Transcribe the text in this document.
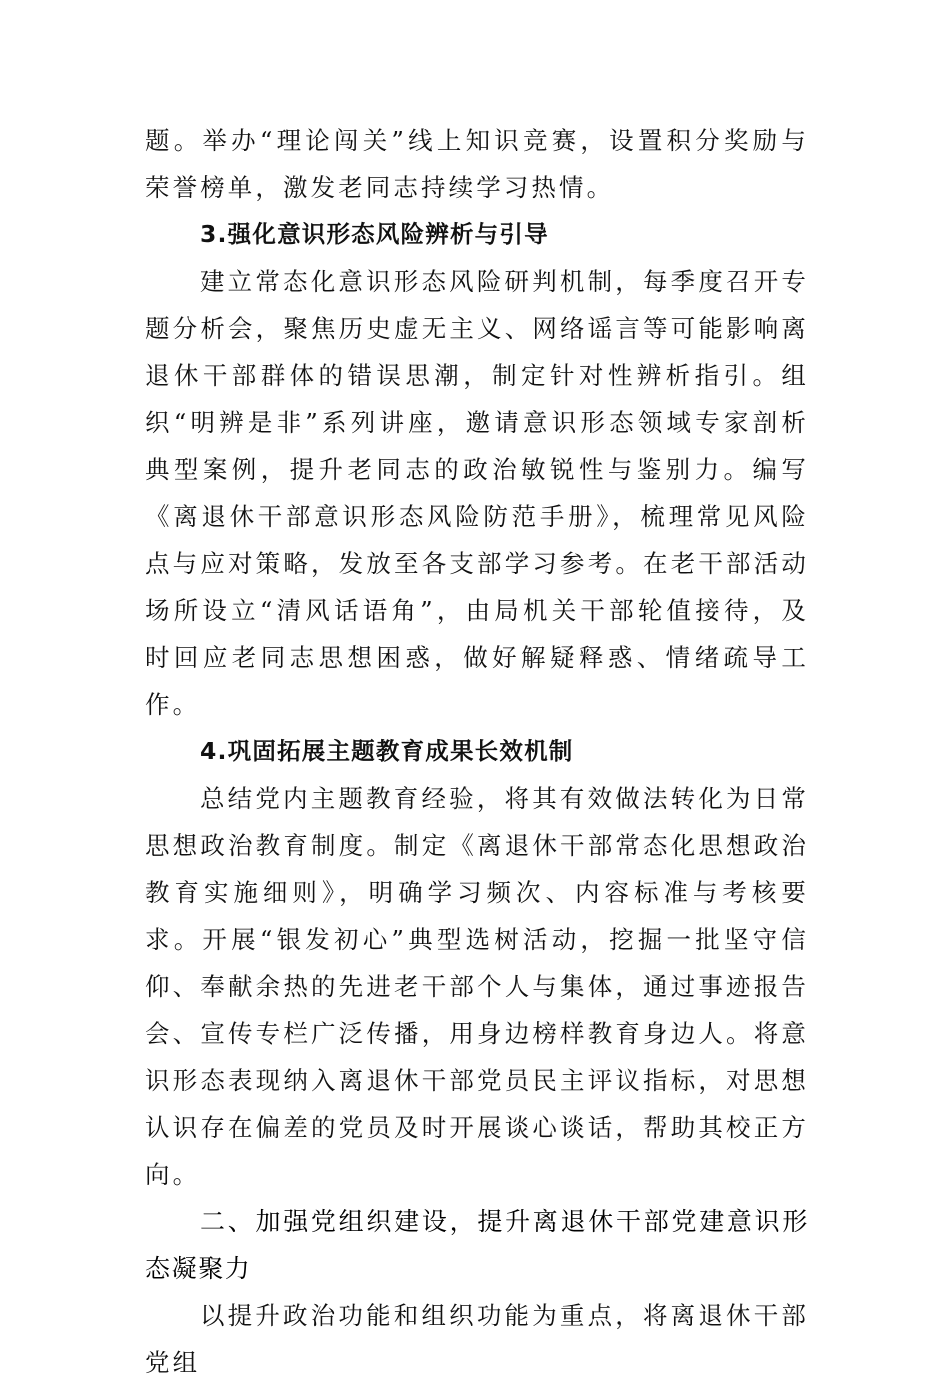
题。举办“理论闯关”线上知识竞赛，设置积分奖励与荣誉榜单，激发老同志持续学习热情。

3.强化意识形态风险辨析与引导

建立常态化意识形态风险研判机制，每季度召开专题分析会，聚焦历史虚无主义、网络谣言等可能影响离退休干部群体的错误思潮，制定针对性辨析指引。组织“明辨是非”系列讲座，邀请意识形态领域专家剖析典型案例，提升老同志的政治敏锐性与鉴别力。编写《离退休干部意识形态风险防范手册》，梳理常见风险点与应对策略，发放至各支部学习参考。在老干部活动场所设立“清风话语角”，由局机关干部轮值接待，及时回应老同志思想困惑，做好解疑释惑、情绪疏导工作。

4.巩固拓展主题教育成果长效机制

总结党内主题教育经验，将其有效做法转化为日常思想政治教育制度。制定《离退休干部常态化思想政治教育实施细则》，明确学习频次、内容标准与考核要求。开展“银发初心”典型选树活动，挖掘一批坚守信仰、奉献余热的先进老干部个人与集体，通过事迹报告会、宣传专栏广泛传播，用身边榜样教育身边人。将意识形态表现纳入离退休干部党员民主评议指标，对思想认识存在偏差的党员及时开展谈心谈话，帮助其校正方向。

二、加强党组织建设，提升离退休干部党建意识形态凝聚力

以提升政治功能和组织功能为重点，将离退休干部党组
